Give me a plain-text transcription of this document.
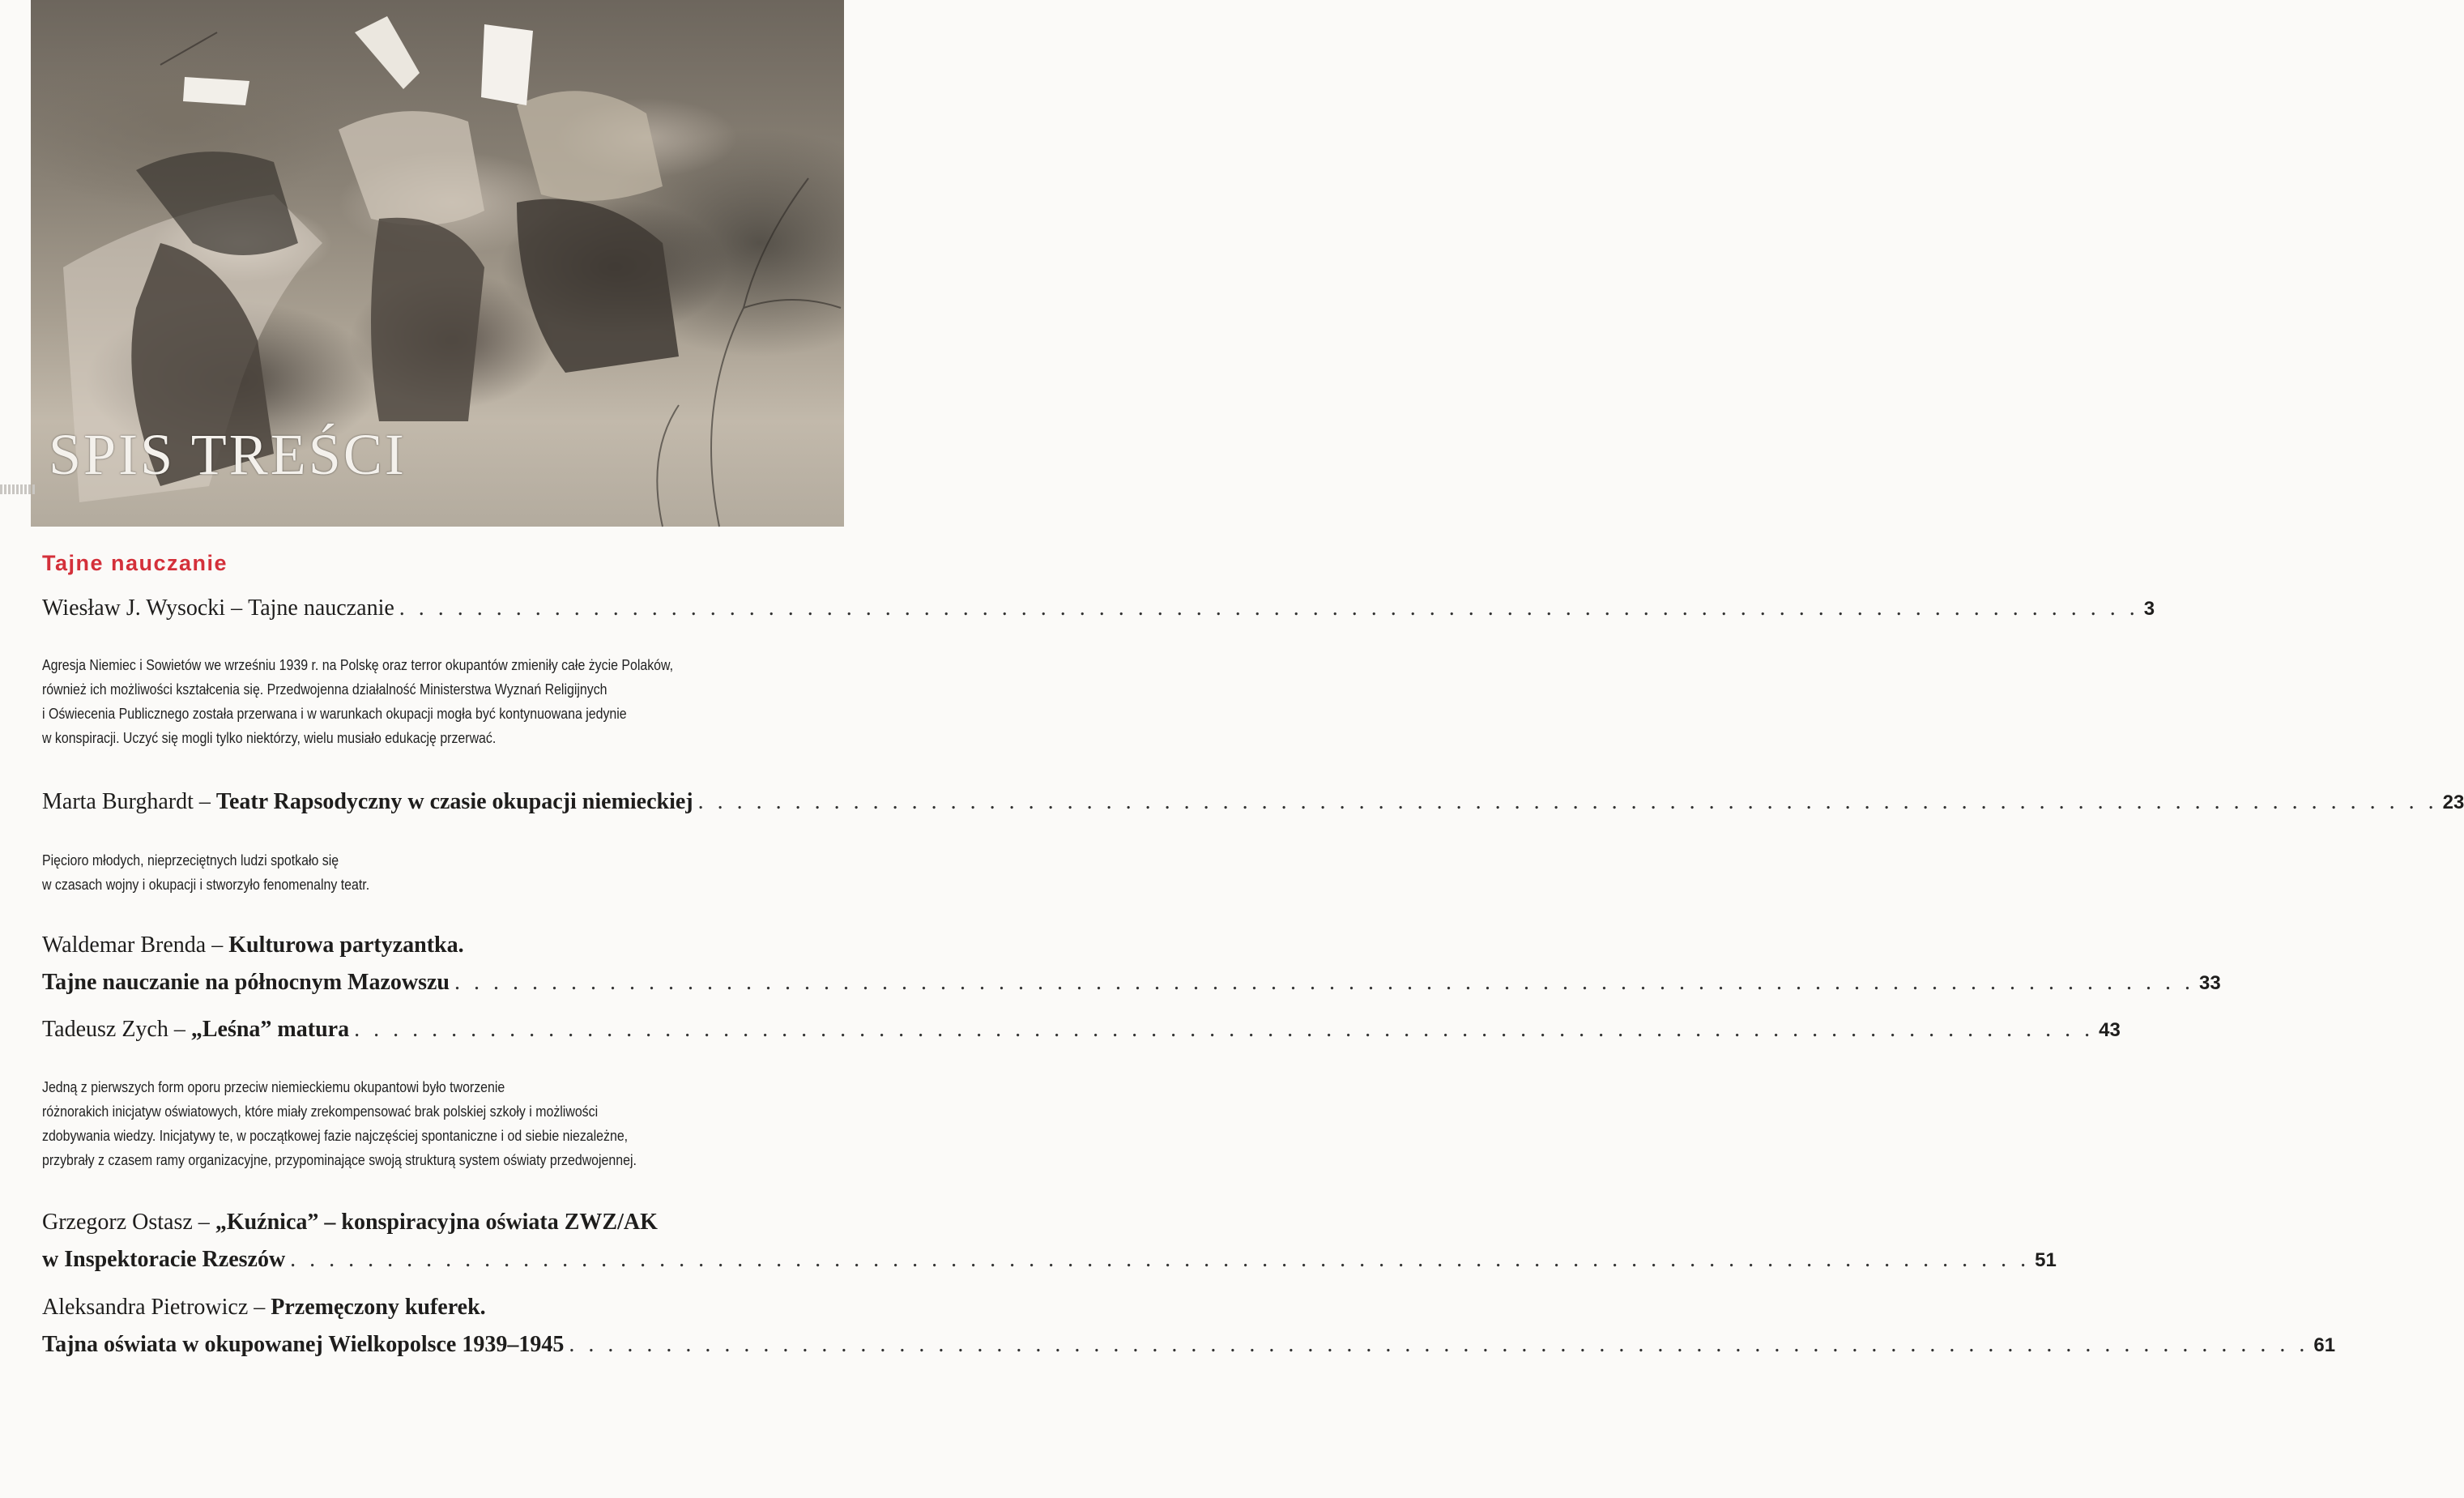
SPIS TREŚCI
Tajne nauczanie
Wiesław J. Wysocki –
Tajne nauczanie . . . . . . . . . . . . . . . . . . . . . . . . . . . . . . . . . . . . . . . . . . . . . . . . . . . . . . . . . . . . . . . . . . . . . . . . . . . . . . . . . . . . . . . . . . 3

Agresja Niemiec i Sowietów we wrześniu 1939 r. na Polskę oraz terror okupantów zmieniły całe życie Polaków,

również ich możliwości kształcenia się. Przedwojenna działalność Ministerstwa Wyznań Religijnych

i Oświecenia Publicznego została przerwana i w warunkach okupacji mogła być kontynuowana jedynie

w konspiracji. Uczyć się mogli tylko niektórzy, wielu musiało edukację przerwać.

Marta Burghardt –
Teatr Rapsodyczny w czasie okupacji niemieckiej . . . . . . . . . . . . . . . . . . . . . . . . . . . . . . . . . . . . . . . . . . . . . . . . . . . . . . . . . . . . . . . . . . . . . . . . . . . . . . . . . . . . . . . . . . 23

Pięcioro młodych, nieprzeciętnych ludzi spotkało się

w czasach wojny i okupacji i stworzyło fenomenalny teatr.

Waldemar Brenda – Kulturowa partyzantka.
Tajne nauczanie na północnym Mazowszu . . . . . . . . . . . . . . . . . . . . . . . . . . . . . . . . . . . . . . . . . . . . . . . . . . . . . . . . . . . . . . . . . . . . . . . . . . . . . . . . . . . . . . . . . . 33
Tadeusz Zych –
„Leśna” matura . . . . . . . . . . . . . . . . . . . . . . . . . . . . . . . . . . . . . . . . . . . . . . . . . . . . . . . . . . . . . . . . . . . . . . . . . . . . . . . . . . . . . . . . . . 43

Jedną z pierwszych form oporu przeciw niemieckiemu okupantowi było tworzenie

różnorakich inicjatyw oświatowych, które miały zrekompensować brak polskiej szkoły i możliwości

zdobywania wiedzy. Inicjatywy te, w początkowej fazie najczęściej spontaniczne i od siebie niezależne,

przybrały z czasem ramy organizacyjne, przypominające swoją strukturą system oświaty przedwojennej.

Grzegorz Ostasz – „Kuźnica” – konspiracyjna oświata ZWZ/AK
w Inspektoracie Rzeszów . . . . . . . . . . . . . . . . . . . . . . . . . . . . . . . . . . . . . . . . . . . . . . . . . . . . . . . . . . . . . . . . . . . . . . . . . . . . . . . . . . . . . . . . . . 51
Aleksandra Pietrowicz – Przemęczony kuferek.
Tajna oświata w okupowanej Wielkopolsce 1939–1945 . . . . . . . . . . . . . . . . . . . . . . . . . . . . . . . . . . . . . . . . . . . . . . . . . . . . . . . . . . . . . . . . . . . . . . . . . . . . . . . . . . . . . . . . . . 61
